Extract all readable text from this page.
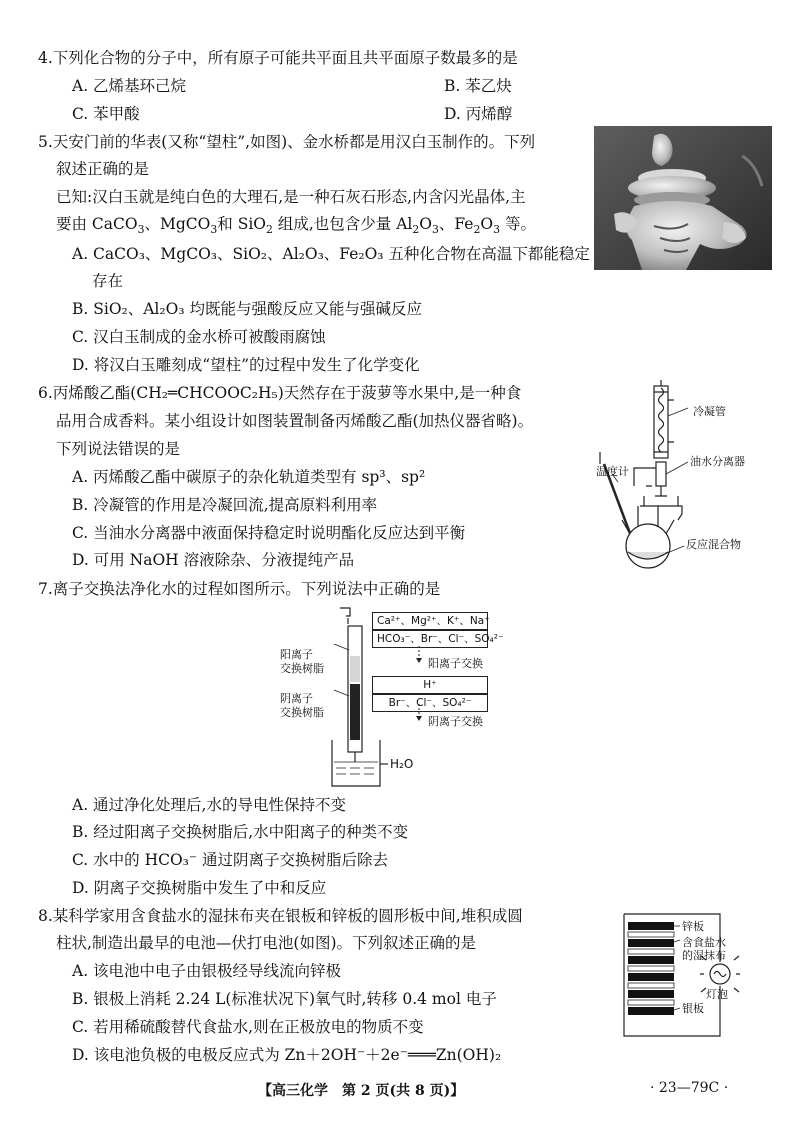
4.下列化合物的分子中，所有原子可能共平面且共平面原子数最多的是
A. 乙烯基环己烷	B. 苯乙炔
C. 苯甲酸	D. 丙烯醇
5.天安门前的华表(又称“望柱”,如图)、金水桥都是用汉白玉制作的。下列
叙述正确的是
已知:汉白玉就是纯白色的大理石,是一种石灰石形态,内含闪光晶体,主
要由 CaCO$_3$、MgCO$_3$和 SiO$_2$ 组成,也包含少量 $Al_2O_3$、$Fe_2O_3$ 等。
A. CaCO₃、MgCO₃、SiO₂、Al₂O₃、Fe₂O₃ 五种化合物在高温下都能稳定
存在
B. SiO₂、Al₂O₃ 均既能与强酸反应又能与强碱反应
C. 汉白玉制成的金水桥可被酸雨腐蚀
D. 将汉白玉雕刻成“望柱”的过程中发生了化学变化
6.丙烯酸乙酯(CH₂═CHCOOC₂H₅)天然存在于菠萝等水果中,是一种食
品用合成香料。某小组设计如图装置制备丙烯酸乙酯(加热仪器省略)。
下列说法错误的是
A. 丙烯酸乙酯中碳原子的杂化轨道类型有 sp³、sp²
B. 冷凝管的作用是冷凝回流,提高原料利用率
C. 当油水分离器中液面保持稳定时说明酯化反应达到平衡
D. 可用 NaOH 溶液除杂、分液提纯产品
冷凝管
油水分离器
温度计
反应混合物
7.离子交换法净化水的过程如图所示。下列说法中正确的是
阳离子
交换树脂
阴离子
交换树脂
Ca²⁺、Mg²⁺、K⁺、Na⁺
HCO₃⁻、Br⁻、Cl⁻、SO₄²⁻
阳离子交换
H⁺
Br⁻、Cl⁻、SO₄²⁻
阴离子交换
H₂O
A. 通过净化处理后,水的导电性保持不变
B. 经过阳离子交换树脂后,水中阳离子的种类不变
C. 水中的 HCO₃⁻ 通过阴离子交换树脂后除去
D. 阴离子交换树脂中发生了中和反应
8.某科学家用含食盐水的湿抹布夹在银板和锌板的圆形板中间,堆积成圆
柱状,制造出最早的电池—伏打电池(如图)。下列叙述正确的是
A. 该电池中电子由银极经导线流向锌极
B. 银极上消耗 2.24 L(标准状况下)氧气时,转移 0.4 mol 电子
C. 若用稀硫酸替代食盐水,则在正极放电的物质不变
D. 该电池负极的电极反应式为 Zn＋2OH⁻＋2e⁻═══Zn(OH)₂
锌板
含食盐水
的湿抹布
灯泡
银板
【高三化学　第 2 页(共 8 页)】	· 23—79C ·
